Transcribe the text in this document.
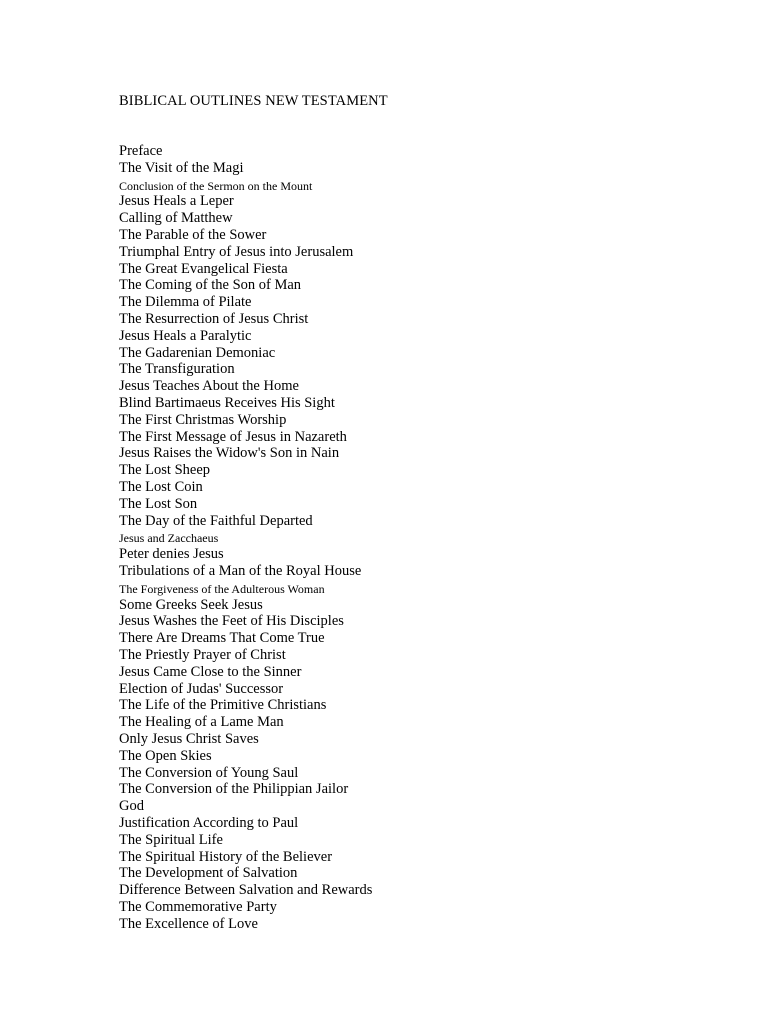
BIBLICAL OUTLINES NEW TESTAMENT
Preface
The Visit of the Magi
Conclusion of the Sermon on the Mount
Jesus Heals a Leper
Calling of Matthew
The Parable of the Sower
Triumphal Entry of Jesus into Jerusalem
The Great Evangelical Fiesta
The Coming of the Son of Man
The Dilemma of Pilate
The Resurrection of Jesus Christ
Jesus Heals a Paralytic
The Gadarenian Demoniac
The Transfiguration
Jesus Teaches About the Home
Blind Bartimaeus Receives His Sight
The First Christmas Worship
The First Message of Jesus in Nazareth
Jesus Raises the Widow's Son in Nain
The Lost Sheep
The Lost Coin
The Lost Son
The Day of the Faithful Departed
Jesus and Zacchaeus
Peter denies Jesus
Tribulations of a Man of the Royal House
The Forgiveness of the Adulterous Woman
Some Greeks Seek Jesus
Jesus Washes the Feet of His Disciples
There Are Dreams That Come True
The Priestly Prayer of Christ
Jesus Came Close to the Sinner
Election of Judas' Successor
The Life of the Primitive Christians
The Healing of a Lame Man
Only Jesus Christ Saves
The Open Skies
The Conversion of Young Saul
The Conversion of the Philippian Jailor
God
Justification According to Paul
The Spiritual Life
The Spiritual History of the Believer
The Development of Salvation
Difference Between Salvation and Rewards
The Commemorative Party
The Excellence of Love
